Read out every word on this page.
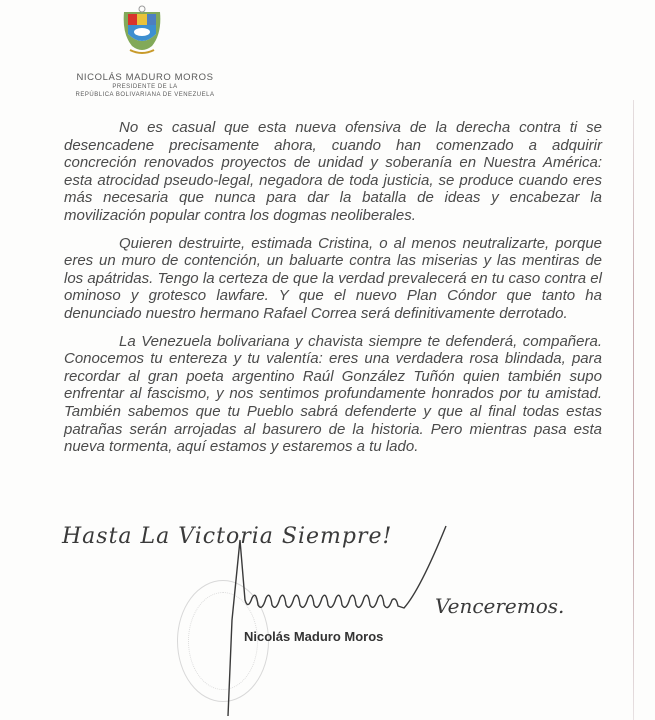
NICOLÁS MADURO MOROS
PRESIDENTE DE LA
REPÚBLICA BOLIVARIANA DE VENEZUELA

No es casual que esta nueva ofensiva de la derecha contra ti se desencadene precisamente ahora, cuando han comenzado a adquirir concreción renovados proyectos de unidad y soberanía en Nuestra América: esta atrocidad pseudo-legal, negadora de toda justicia, se produce cuando eres más necesaria que nunca para dar la batalla de ideas y encabezar la movilización popular contra los dogmas neoliberales.

Quieren destruirte, estimada Cristina, o al menos neutralizarte, porque eres un muro de contención, un baluarte contra las miserias y las mentiras de los apátridas. Tengo la certeza de que la verdad prevalecerá en tu caso contra el ominoso y grotesco lawfare. Y que el nuevo Plan Cóndor que tanto ha denunciado nuestro hermano Rafael Correa será definitivamente derrotado.

La Venezuela bolivariana y chavista siempre te defenderá, compañera. Conocemos tu entereza y tu valentía: eres una verdadera rosa blindada, para recordar al gran poeta argentino Raúl González Tuñón quien también supo enfrentar al fascismo, y nos sentimos profundamente honrados por tu amistad. También sabemos que tu Pueblo sabrá defenderte y que al final todas estas patrañas serán arrojadas al basurero de la historia. Pero mientras pasa esta nueva tormenta, aquí estamos y estaremos a tu lado.

Hasta La Victoria Siempre!
Venceremos.
Nicolás Maduro Moros
